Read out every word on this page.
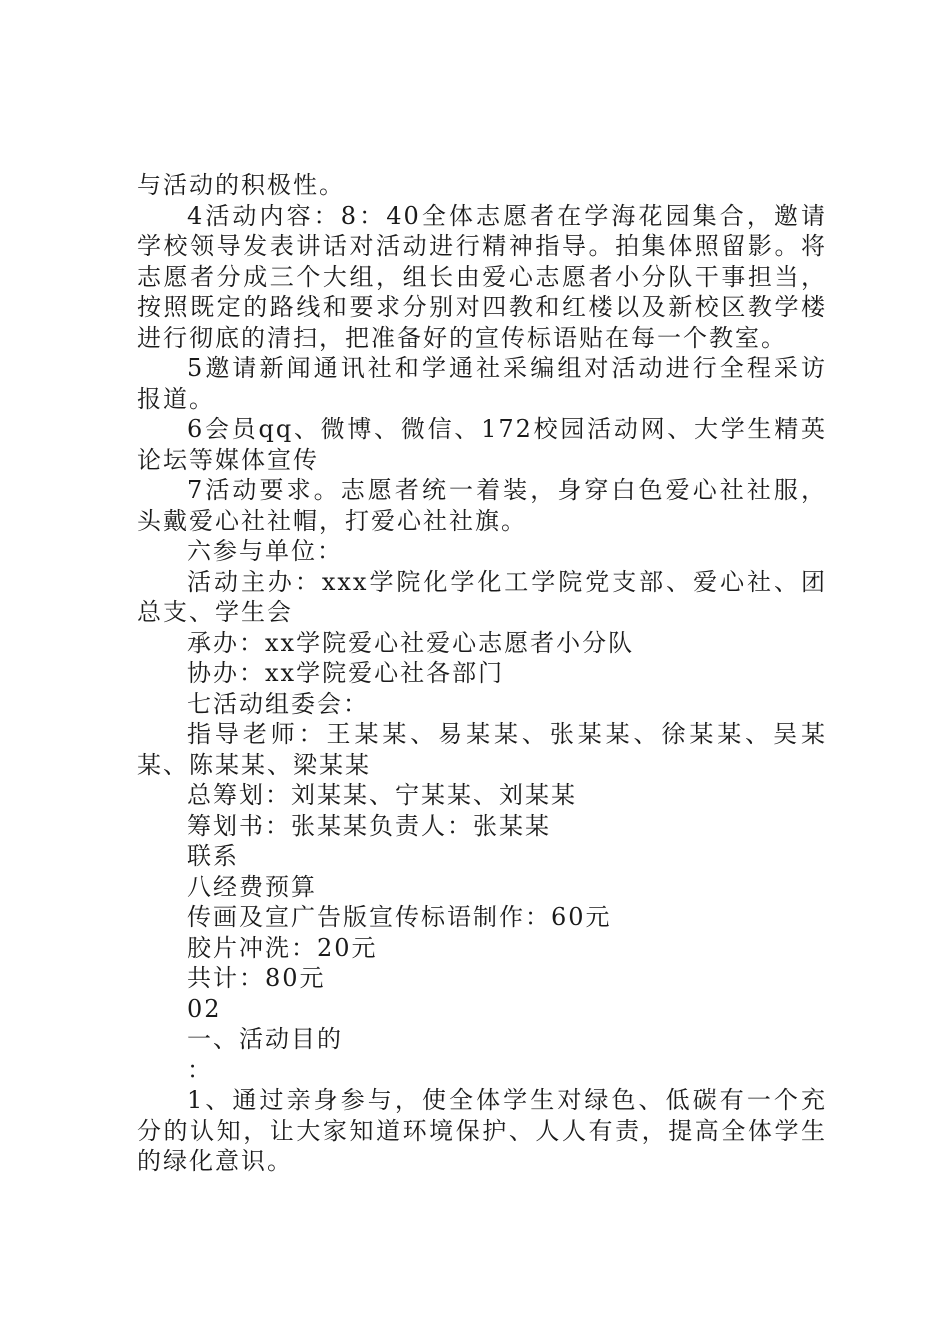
与活动的积极性。

4活动内容：8：40全体志愿者在学海花园集合，邀请学校领导发表讲话对活动进行精神指导。拍集体照留影。将志愿者分成三个大组，组长由爱心志愿者小分队干事担当，按照既定的路线和要求分别对四教和红楼以及新校区教学楼进行彻底的清扫，把准备好的宣传标语贴在每一个教室。

5邀请新闻通讯社和学通社采编组对活动进行全程采访报道。

6会员qq、微博、微信、172校园活动网、大学生精英论坛等媒体宣传

7活动要求。志愿者统一着装，身穿白色爱心社社服，头戴爱心社社帽，打爱心社社旗。

六参与单位：

活动主办：xxx学院化学化工学院党支部、爱心社、团总支、学生会

承办：xx学院爱心社爱心志愿者小分队

协办：xx学院爱心社各部门

七活动组委会：

指导老师：王某某、易某某、张某某、徐某某、吴某某、陈某某、梁某某

总筹划：刘某某、宁某某、刘某某

筹划书：张某某负责人：张某某

联系

八经费预算

传画及宣广告版宣传标语制作：60元

胶片冲洗：20元

共计：80元

02

一、活动目的

：

1、通过亲身参与，使全体学生对绿色、低碳有一个充分的认知，让大家知道环境保护、人人有责，提高全体学生的绿化意识。
